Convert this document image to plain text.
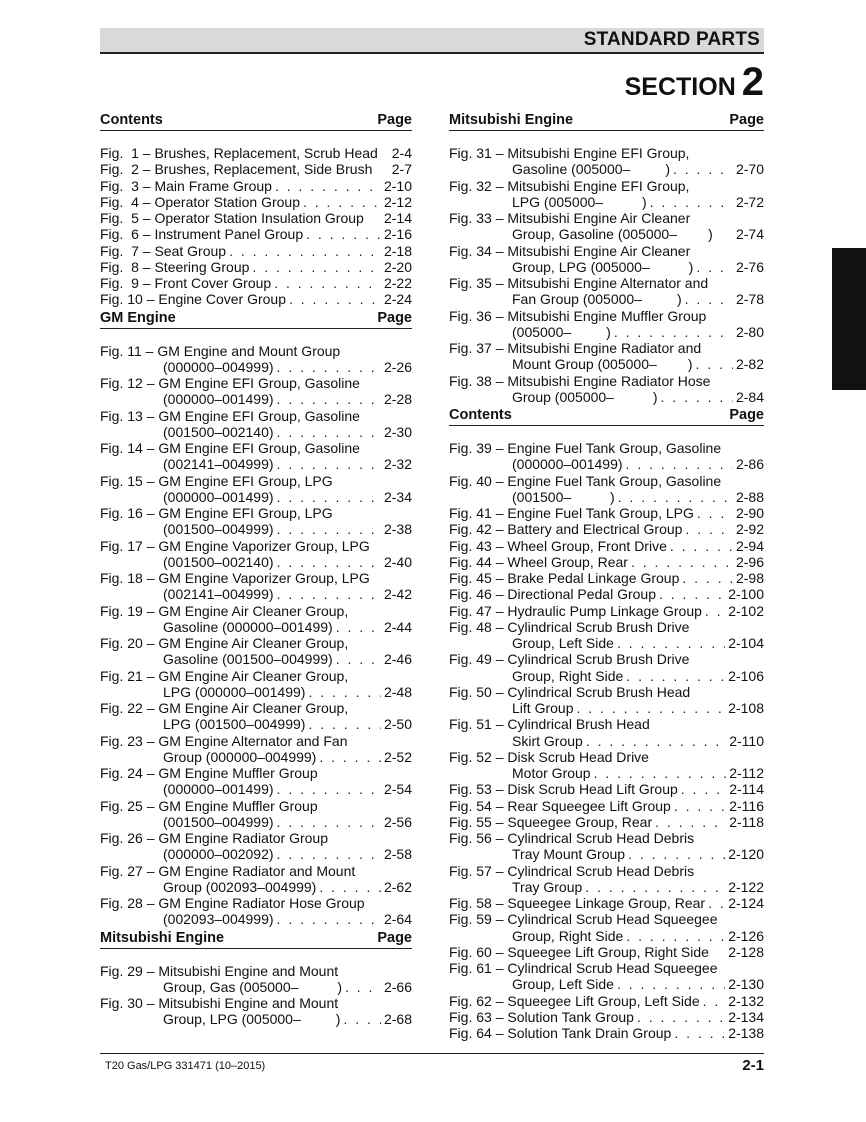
STANDARD PARTS
SECTION 2
Contents	Page
Fig.  1 – Brushes, Replacement, Scrub Head 2-4
Fig.  2 – Brushes, Replacement, Side Brush 2-7
Fig.  3 – Main Frame Group . . .	2-10
Fig.  4 – Operator Station Group . . .	2-12
Fig.  5 – Operator Station Insulation Group 2-14
Fig.  6 – Instrument Panel Group . . .	2-16
Fig.  7 – Seat Group . . .	2-18
Fig.  8 – Steering Group . . .	2-20
Fig.  9 – Front Cover Group . . .	2-22
Fig. 10 – Engine Cover Group . . .	2-24
GM Engine	Page
Fig. 11 – GM Engine and Mount Group
(000000–004999) . . .	2-26
Fig. 12 – GM Engine EFI Group, Gasoline
(000000–001499) . . .	2-28
Fig. 13 – GM Engine EFI Group, Gasoline
(001500–002140) . . .	2-30
Fig. 14 – GM Engine EFI Group, Gasoline
(002141–004999) . . .	2-32
Fig. 15 – GM Engine EFI Group, LPG
(000000–001499) . . .	2-34
Fig. 16 – GM Engine EFI Group, LPG
(001500–004999) . . .	2-38
Fig. 17 – GM Engine Vaporizer Group, LPG
(001500–002140) . . .	2-40
Fig. 18 – GM Engine Vaporizer Group, LPG
(002141–004999) . . .	2-42
Fig. 19 – GM Engine Air Cleaner Group,
Gasoline (000000–001499) . . .	2-44
Fig. 20 – GM Engine Air Cleaner Group,
Gasoline (001500–004999) . . .	2-46
Fig. 21 – GM Engine Air Cleaner Group,
LPG (000000–001499) . . .	2-48
Fig. 22 – GM Engine Air Cleaner Group,
LPG (001500–004999) . . .	2-50
Fig. 23 – GM Engine Alternator and Fan
Group (000000–004999) . . .	2-52
Fig. 24 – GM Engine Muffler Group
(000000–001499) . . .	2-54
Fig. 25 – GM Engine Muffler Group
(001500–004999) . . .	2-56
Fig. 26 – GM Engine Radiator Group
(000000–002092) . . .	2-58
Fig. 27 – GM Engine Radiator and Mount
Group (002093–004999) . . .	2-62
Fig. 28 – GM Engine Radiator Hose Group
(002093–004999) . . .	2-64
Mitsubishi Engine	Page
Fig. 29 – Mitsubishi Engine and Mount
Group, Gas (005000–          ) . . .	2-66
Fig. 30 – Mitsubishi Engine and Mount
Group, LPG (005000–         ) . . .	2-68
Mitsubishi Engine	Page
Fig. 31 – Mitsubishi Engine EFI Group,
Gasoline (005000–         ) . . .	2-70
Fig. 32 – Mitsubishi Engine EFI Group,
LPG (005000–          ) . . .	2-72
Fig. 33 – Mitsubishi Engine Air Cleaner
Group, Gasoline (005000–        ) 2-74
Fig. 34 – Mitsubishi Engine Air Cleaner
Group, LPG (005000–          ) . . .	2-76
Fig. 35 – Mitsubishi Engine Alternator and
Fan Group (005000–         ) . . .	2-78
Fig. 36 – Mitsubishi Engine Muffler Group
(005000–         ) . . .	2-80
Fig. 37 – Mitsubishi Engine Radiator and
Mount Group (005000–        ) . . .	2-82
Fig. 38 – Mitsubishi Engine Radiator Hose
Group (005000–          ) . . .	2-84
Contents	Page
Fig. 39 – Engine Fuel Tank Group, Gasoline
(000000–001499) . . .	2-86
Fig. 40 – Engine Fuel Tank Group, Gasoline
(001500–          ) . . .	2-88
Fig. 41 – Engine Fuel Tank Group, LPG . . .	2-90
Fig. 42 – Battery and Electrical Group . . .	2-92
Fig. 43 – Wheel Group, Front Drive . . .	2-94
Fig. 44 – Wheel Group, Rear . . .	2-96
Fig. 45 – Brake Pedal Linkage Group . . .	2-98
Fig. 46 – Directional Pedal Group . . .	2-100
Fig. 47 – Hydraulic Pump Linkage Group . . . 2-102
Fig. 48 – Cylindrical Scrub Brush Drive
Group, Left Side . . .	2-104
Fig. 49 – Cylindrical Scrub Brush Drive
Group, Right Side . . .	2-106
Fig. 50 – Cylindrical Scrub Brush Head
Lift Group . . .	2-108
Fig. 51 – Cylindrical Brush Head
Skirt Group . . .	2-110
Fig. 52 – Disk Scrub Head Drive
Motor Group . . .	2-112
Fig. 53 – Disk Scrub Head Lift Group . . .	2-114
Fig. 54 – Rear Squeegee Lift Group . . .	2-116
Fig. 55 – Squeegee Group, Rear . . .	2-118
Fig. 56 – Cylindrical Scrub Head Debris
Tray Mount Group . . .	2-120
Fig. 57 – Cylindrical Scrub Head Debris
Tray Group . . .	2-122
Fig. 58 – Squeegee Linkage Group, Rear . . . 2-124
Fig. 59 – Cylindrical Scrub Head Squeegee
Group, Right Side . . .	2-126
Fig. 60 – Squeegee Lift Group, Right Side 2-128
Fig. 61 – Cylindrical Scrub Head Squeegee
Group, Left Side . . .	2-130
Fig. 62 – Squeegee Lift Group, Left Side . . . 2-132
Fig. 63 – Solution Tank Group . . .	2-134
Fig. 64 – Solution Tank Drain Group . . .	2-138
T20 Gas/LPG 331471 (10–2015)	2-1
